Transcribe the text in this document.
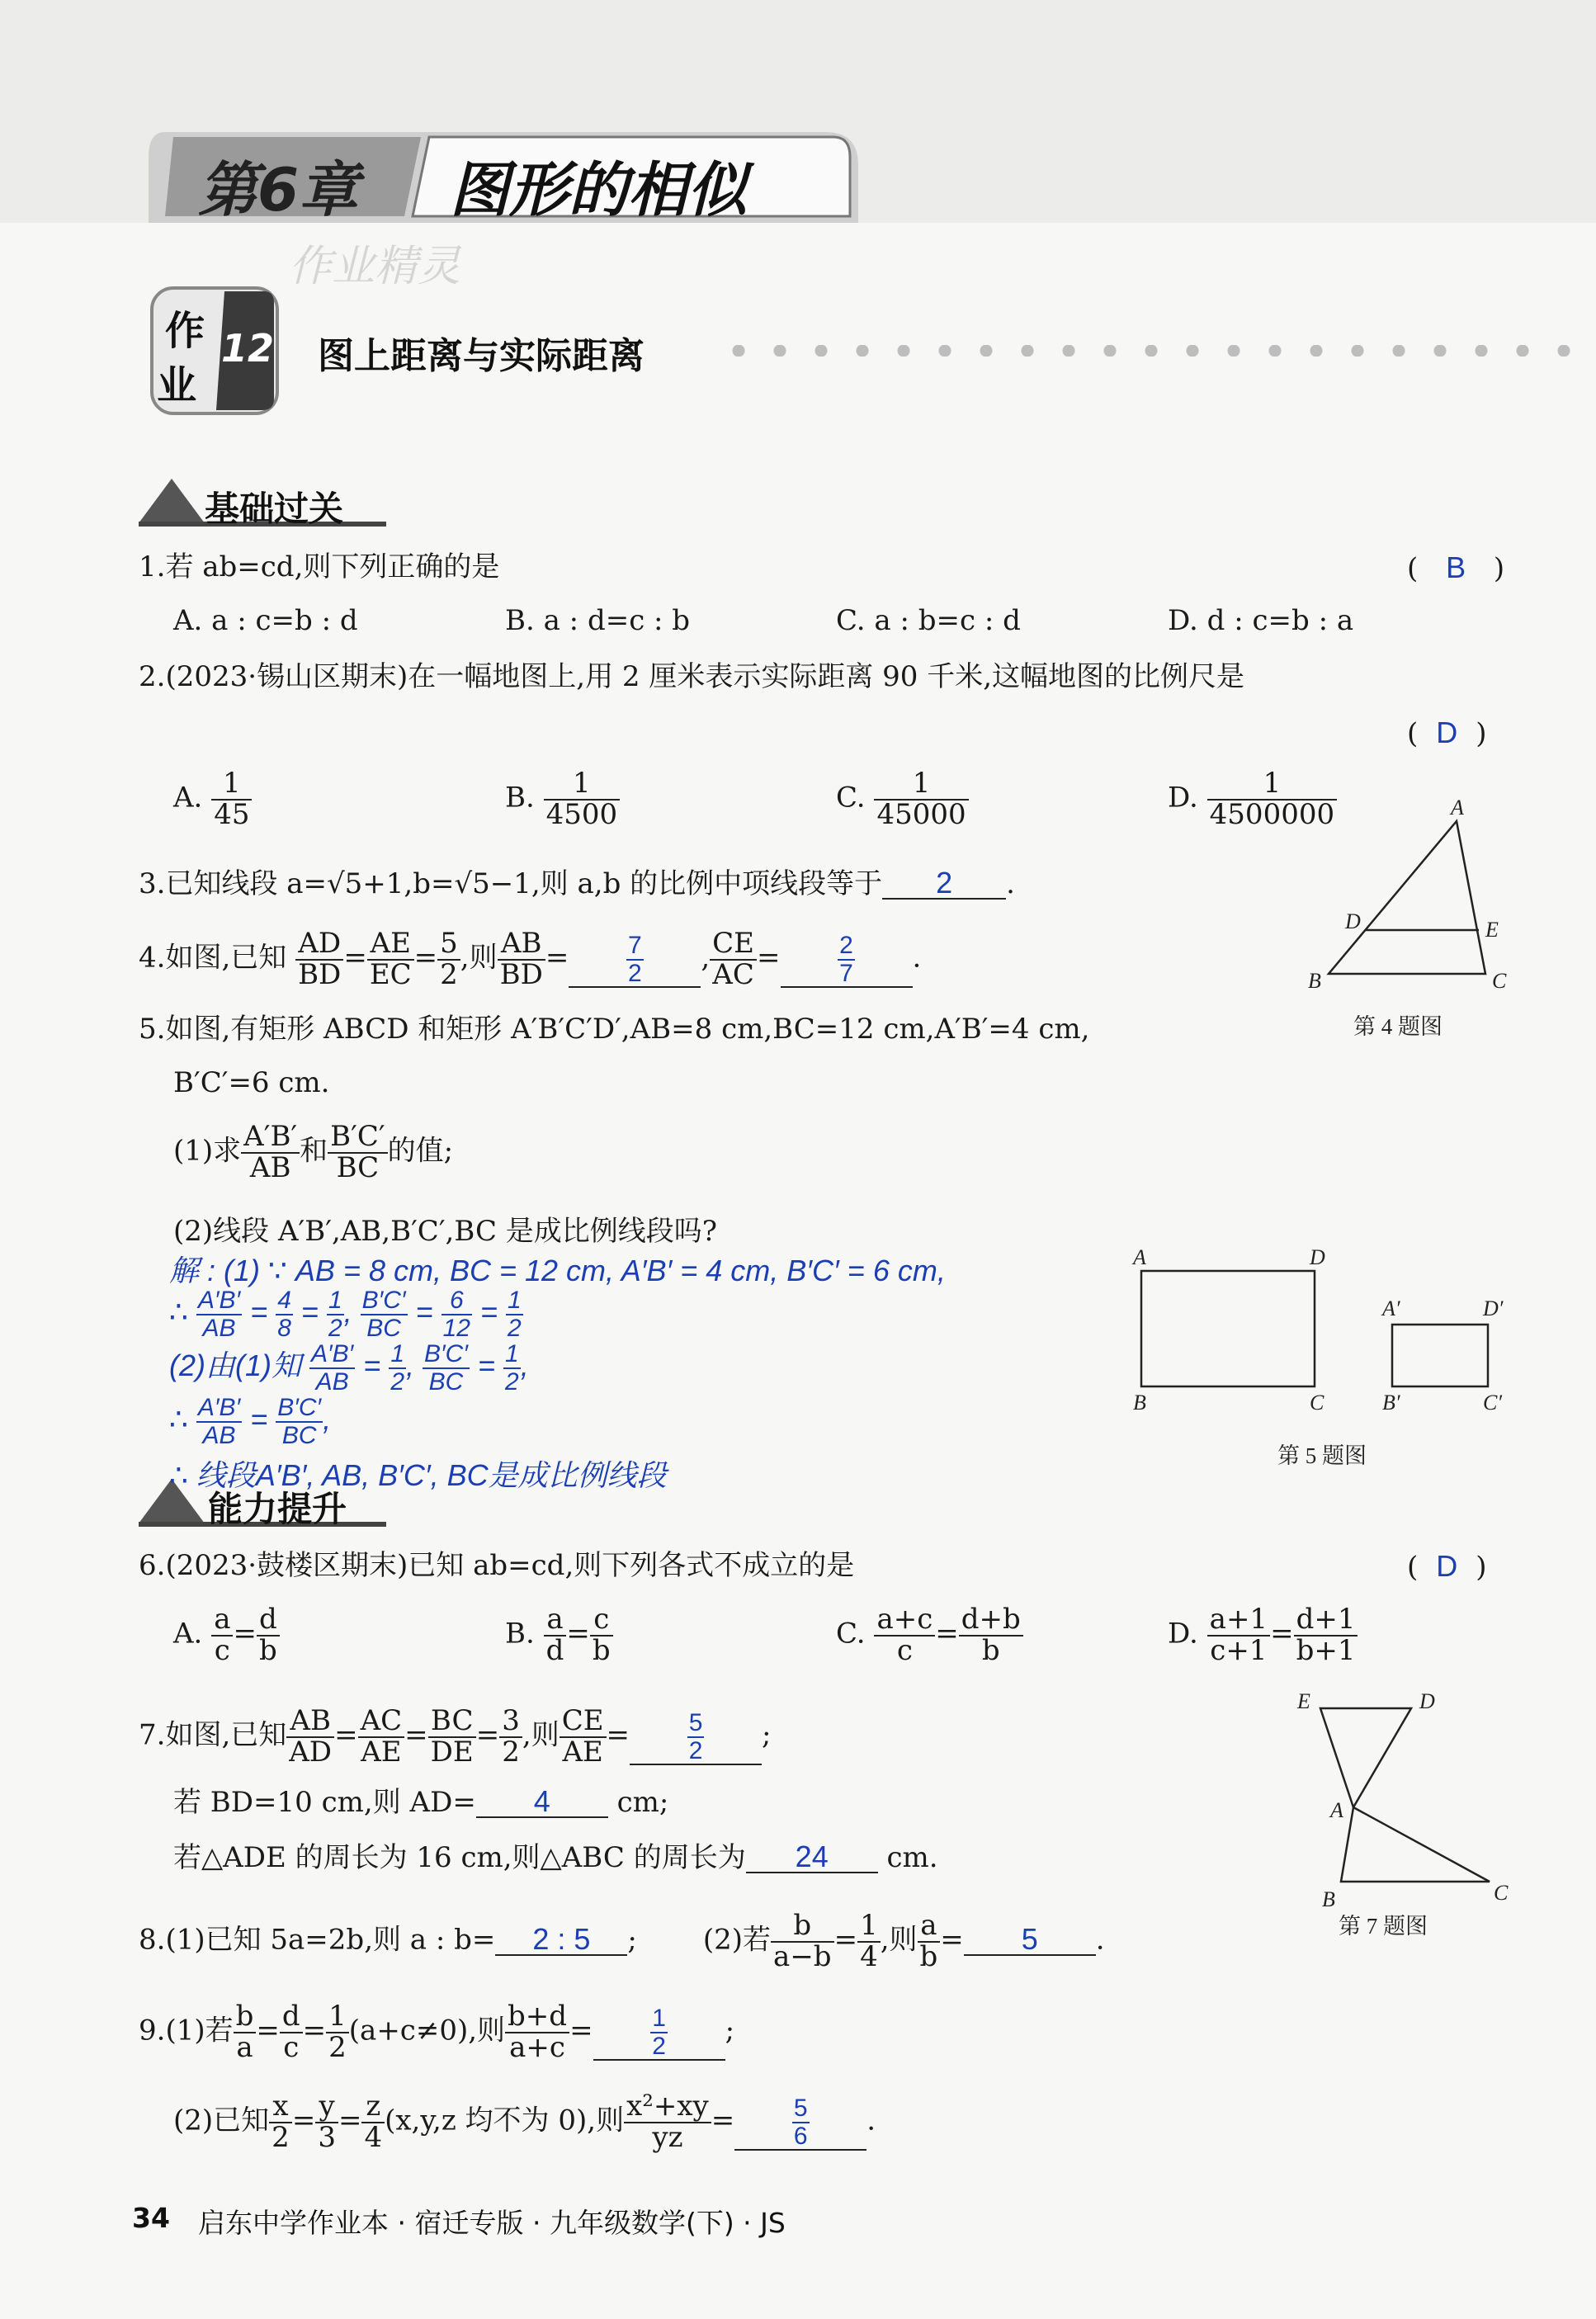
第6章 图形的相似
作业精灵
作
业
12 图上距离与实际距离
基础过关
1.若 ab=cd,则下列正确的是	( B )
A. a : c=b : d	B. a : d=c : b	C. a : b=c : d	D. d : c=b : a
2.(2023·锡山区期末)在一幅地图上,用 2 厘米表示实际距离 90 千米,这幅地图的比例尺是
( D )
A. $\frac{1}{45}$	B. $\frac{1}{4500}$	C. $\frac{1}{45000}$	D. $\frac{1}{4500000}$
3.已知线段 a=√5+1,b=√5−1,则 a,b 的比例中项线段等于 2 .
4.如图,已知 $\frac{AD}{BD} = \frac{AE}{EC} = \frac{5}{2}$ ,则 $\frac{AB}{BD} = \frac{7}{2}$ , $\frac{CE}{AC} = \frac{2}{7}$ .
A
D	E
B	C
第 4 题图
5.如图,有矩形 ABCD 和矩形 A′B′C′D′,AB=8 cm,BC=12 cm,A′B′=4 cm,
B′C′=6 cm.
(1)求 $\frac{A'B'}{AB}$ 和 $\frac{B'C'}{BC}$ 的值;
(2)线段 A′B′,AB,B′C′,BC 是成比例线段吗?
解 : (1) ∵ AB = 8 cm, BC = 12 cm, A′B′ = 4 cm, B′C′ = 6 cm,
∴ $\frac{A'B'}{AB} = \frac{4}{8} = \frac{1}{2}$ , $\frac{B'C'}{BC} = \frac{6}{12} = \frac{1}{2}$
(2)由(1)知 $\frac{A'B'}{AB} = \frac{1}{2}$ , $\frac{B'C'}{BC} = \frac{1}{2}$ ,
∴ $\frac{A'B'}{AB} = \frac{B'C'}{BC}$ ,
A	D
B	C
A′	D′
B′	C′
第 5 题图
∴ 线段A′B′, AB, B′C′, BC是成比例线段
能力提升
6.(2023·鼓楼区期末)已知 ab=cd,则下列各式不成立的是	( D )
A. $\frac{a}{c} = \frac{d}{b}$	B. $\frac{a}{d} = \frac{c}{b}$	C. $\frac{a+c}{c} = \frac{d+b}{b}$	D. $\frac{a+1}{c+1} = \frac{d+1}{b+1}$
7.如图,已知 $\frac{AB}{AD} = \frac{AC}{AE} = \frac{BC}{DE} = \frac{3}{2}$ ,则 $\frac{CE}{AE} = \frac{5}{2}$ ;
若 BD=10 cm,则 AD= 4 cm;
若△ADE 的周长为 16 cm,则△ABC 的周长为 24 cm.
E	D
A
B	C
第 7 题图
8.(1)已知 5a=2b,则 a : b= 2 : 5 ; (2)若 $\frac{b}{a-b} = \frac{1}{4}$ ,则 $\frac{a}{b} = 5$ .
9.(1)若 $\frac{b}{a} = \frac{d}{c} = \frac{1}{2} (a+c\ne 0)$,则 $\frac{b+d}{a+c} = \frac{1}{2}$ ;
(2)已知 $\frac{x}{2} = \frac{y}{3} = \frac{z}{4} (x,y,z$ 均不为 0),则 $\frac{\text{x²+xy}}{yz} = \frac{5}{6}$ .
34 启东中学作业本 · 宿迁专版 · 九年级数学(下) · JS
